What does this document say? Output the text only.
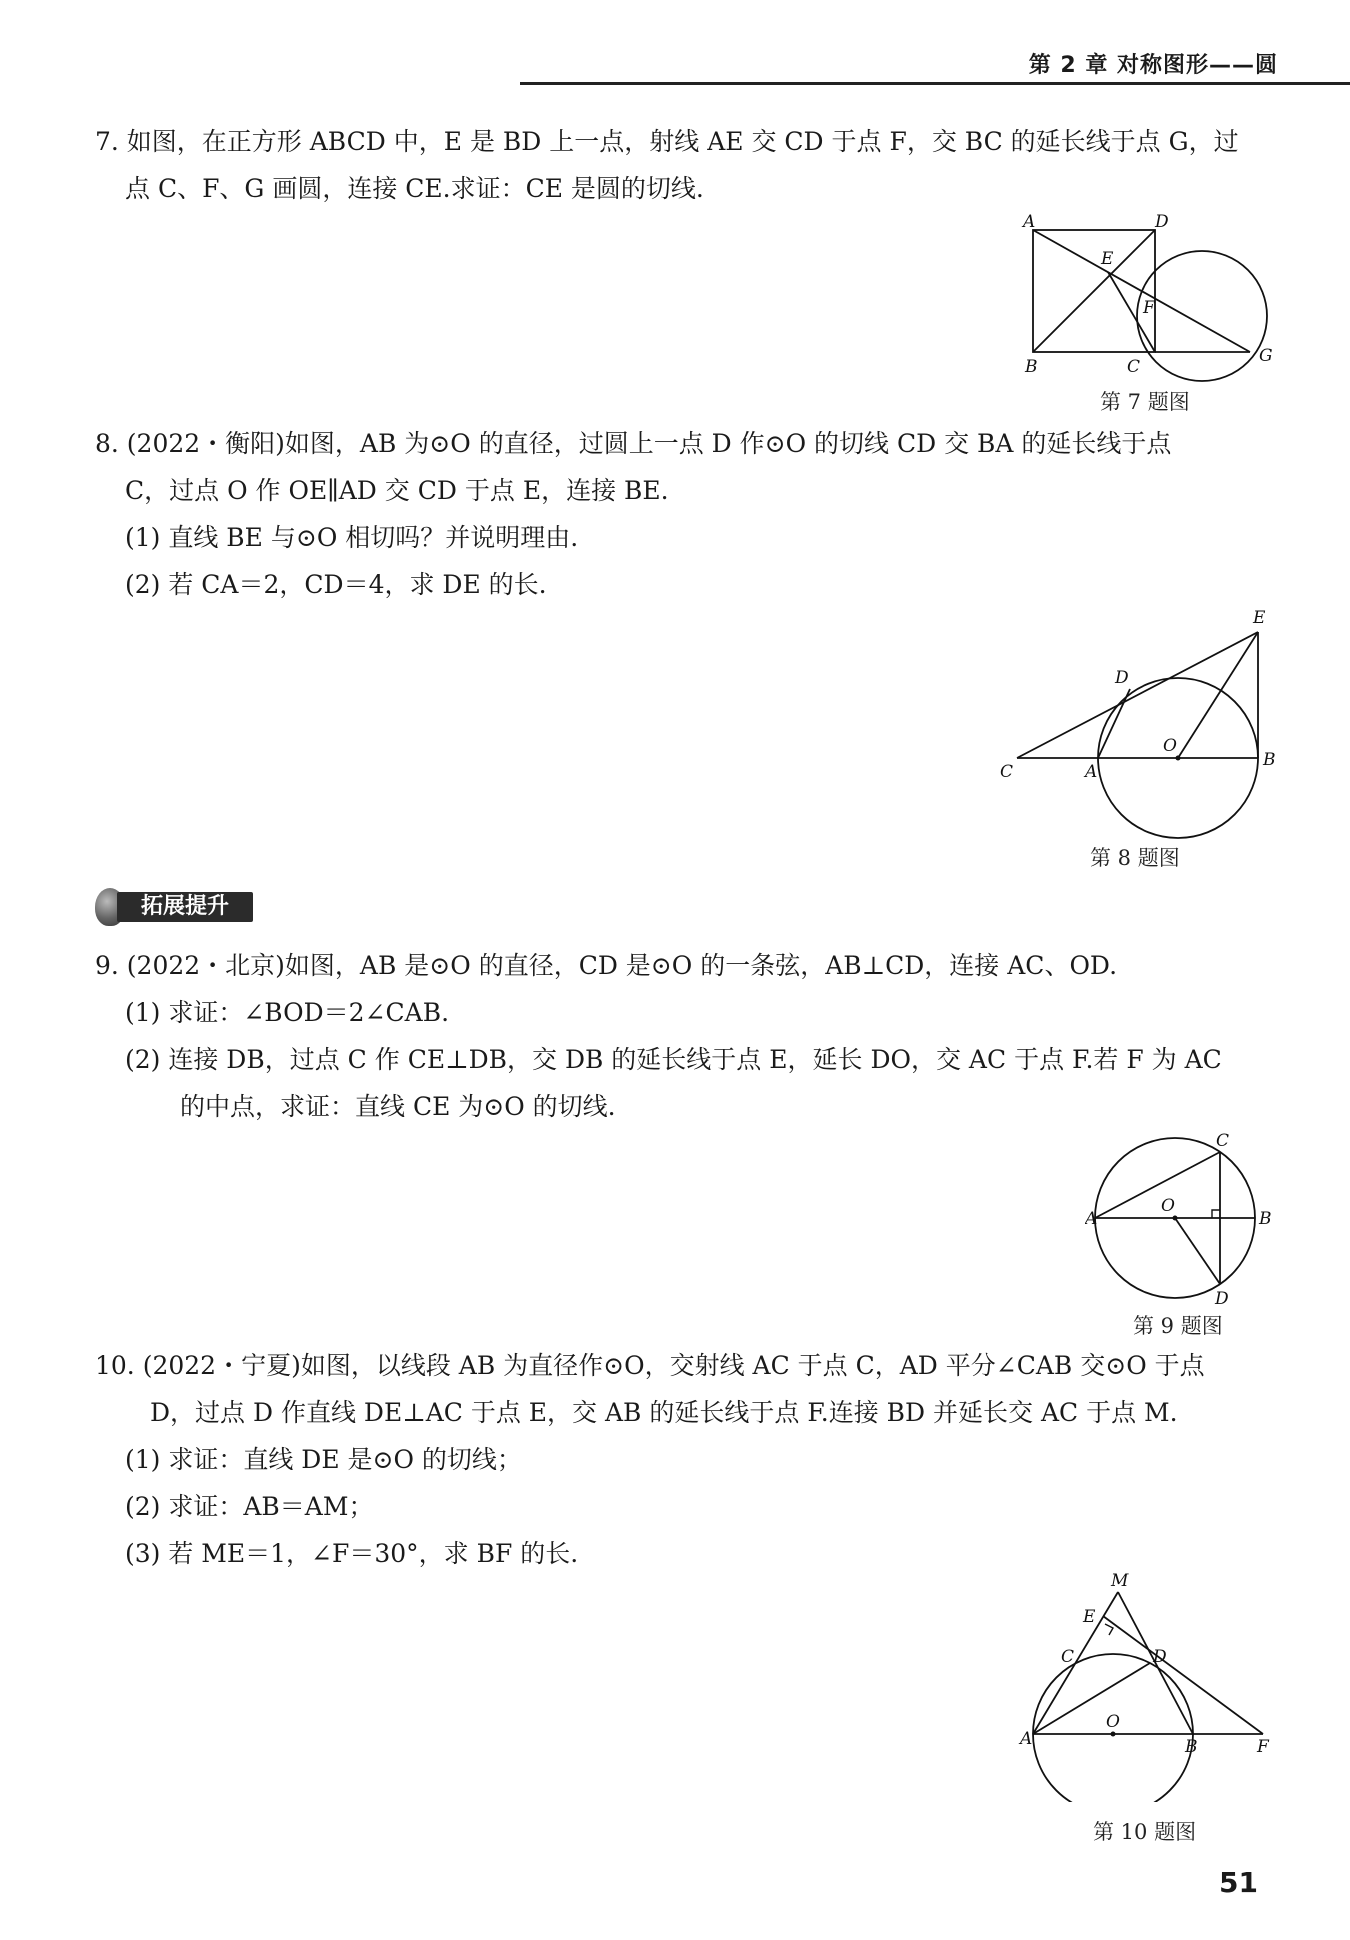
第 2 章 对称图形——圆

7. 如图，在正方形 ABCD 中，E 是 BD 上一点，射线 AE 交 CD 于点 F，交 BC 的延长线于点 G，过

点 C、F、G 画圆，连接 CE.求证：CE 是圆的切线.

A	D
E
F
B	C
G
第 7 题图

8. (2022・衡阳)如图，AB 为⊙O 的直径，过圆上一点 D 作⊙O 的切线 CD 交 BA 的延长线于点

C，过点 O 作 OE∥AD 交 CD 于点 E，连接 BE.

(1) 直线 BE 与⊙O 相切吗？并说明理由.

(2) 若 CA＝2，CD＝4，求 DE 的长.

C	A
D
O
B
E
第 8 题图
拓展提升

9. (2022・北京)如图，AB 是⊙O 的直径，CD 是⊙O 的一条弦，AB⊥CD，连接 AC、OD.

(1) 求证：∠BOD＝2∠CAB.

(2) 连接 DB，过点 C 作 CE⊥DB，交 DB 的延长线于点 E，延长 DO，交 AC 于点 F.若 F 为 AC

的中点，求证：直线 CE 为⊙O 的切线.

A
O
B
C
D
第 9 题图

10. (2022・宁夏)如图，以线段 AB 为直径作⊙O，交射线 AC 于点 C，AD 平分∠CAB 交⊙O 于点

D，过点 D 作直线 DE⊥AC 于点 E，交 AB 的延长线于点 F.连接 BD 并延长交 AC 于点 M.

(1) 求证：直线 DE 是⊙O 的切线；

(2) 求证：AB＝AM；

(3) 若 ME＝1，∠F＝30°，求 BF 的长.

A
O
B	F
D
C
E
M
第 10 题图
51
